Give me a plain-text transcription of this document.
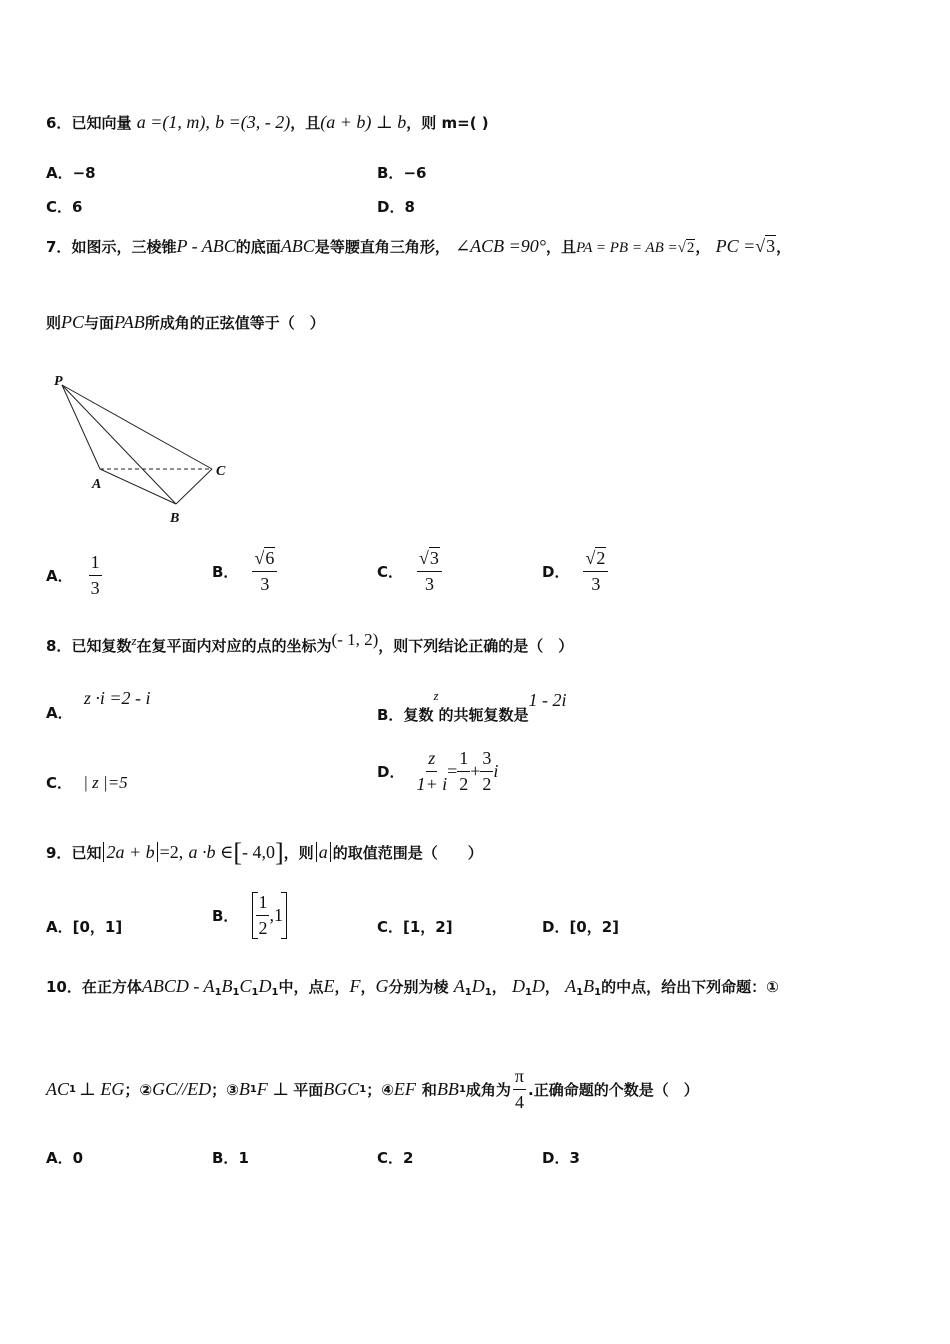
6．已知向量 a =(1, m), b =(3, - 2)，且(a + b) ⊥ b，则 m=( )
A．−8	B．−6
C．6	D．8
7．如图示，三棱锥P - ABC的底面ABC是等腰直角三角形， ∠ACB =90°，且PA = PB = AB =√2， PC =√3，
则PC与面PAB所成角的正弦值等于（　）
P
A
B
C
A． $\frac{1}{3}$	B． $\frac{√6}{3}$	C． $\frac{√3}{3}$	D． $\frac{√2}{3}$
8．已知复数$^z$在复平面内对应的点的坐标为$^{(- 1, 2)}$，则下列结论正确的是（　）
A． z ·i =2 - i
B．复数$^z$的共轭复数是1 - 2i
C． | z |=5
D． $\frac{z}{1+ i} = \frac{1}{2} + \frac{3}{2}$ i
9．已知 2a + b =2, a ·b ∈[- 4,0]，则 a 的取值范围是（　　）
A．[0，1]
B． $\frac{1}{2} ,1$
C．[1，2]	D．[0，2]
10．在正方体ABCD - $A_1B_1C_1D_1$中，点E，F，G分别为棱 $A_1D_1$， $D_1D$， $A_1B_1$的中点，给出下列命题：①
AC 1 ⊥ EG ；② GC//ED ；③ B 1 F ⊥ 平面 BGC 1 ；④ EF 和 BB 1 成角为 $\frac{\pi}{4}$ .正确命题的个数是（　）
A．0	B．1	C．2	D．3
